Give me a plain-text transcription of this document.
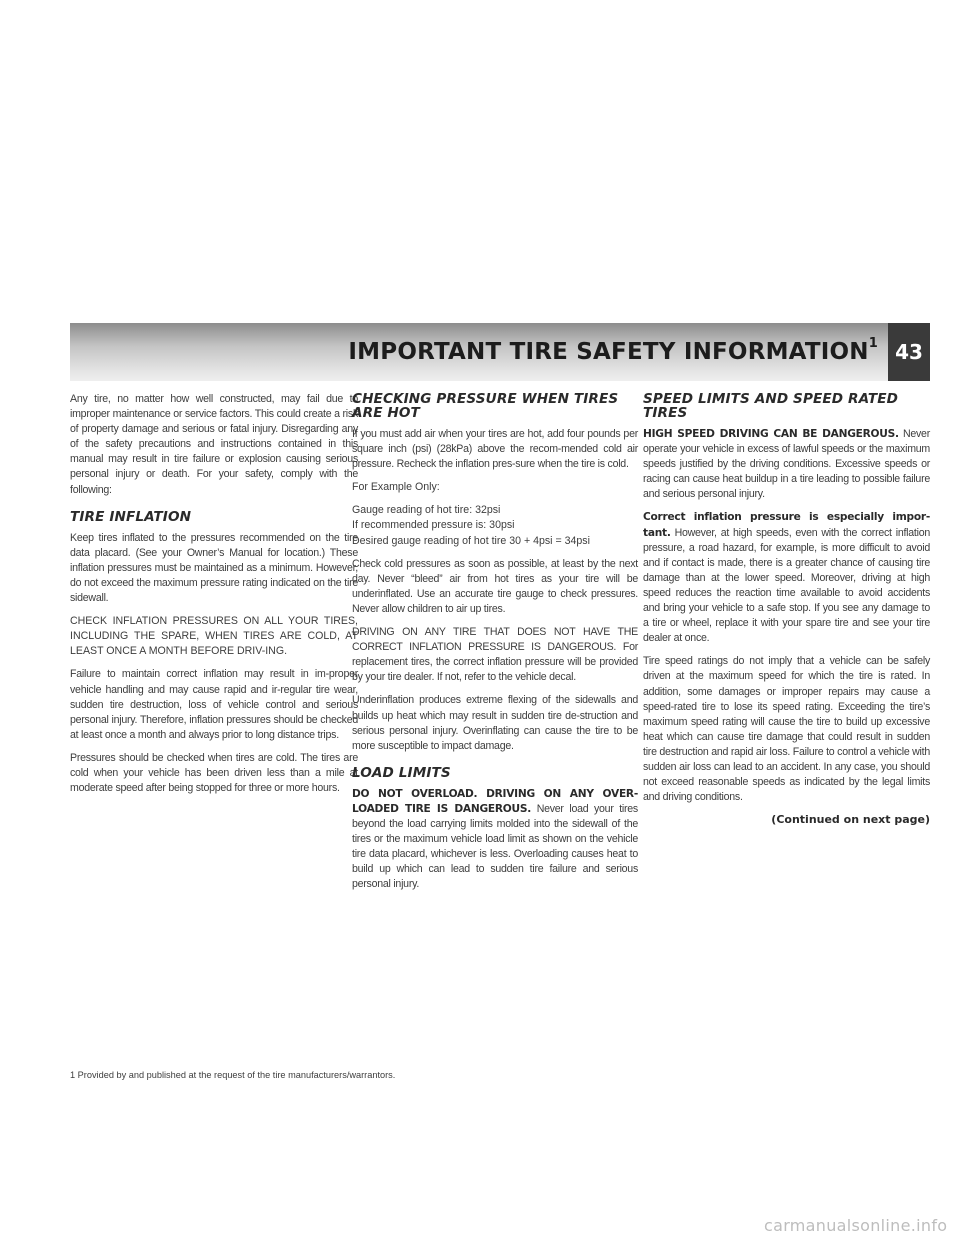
IMPORTANT TIRE SAFETY INFORMATION$^1$ 43

Any tire, no matter how well constructed, may fail due to improper maintenance or service factors. This could create a risk of property damage and serious or fatal injury. Disregarding any of the safety precautions and instructions contained in this manual may result in tire failure or explosion causing serious personal injury or death. For your safety, comply with the following:

TIRE INFLATION

Keep tires inflated to the pressures recommended on the tire data placard. (See your Owner’s Manual for location.) These inflation pressures must be maintained as a minimum. However, do not exceed the maximum pressure rating indicated on the tire sidewall.

CHECK INFLATION PRESSURES ON ALL YOUR TIRES, INCLUDING THE SPARE, WHEN TIRES ARE COLD, AT LEAST ONCE A MONTH BEFORE DRIV-ING.

Failure to maintain correct inflation may result in im-proper vehicle handling and may cause rapid and ir-regular tire wear, sudden tire destruction, loss of vehicle control and serious personal injury. Therefore, inflation pressures should be checked at least once a month and always prior to long distance trips.

Pressures should be checked when tires are cold. The tires are cold when your vehicle has been driven less than a mile at moderate speed after being stopped for three or more hours.

CHECKING PRESSURE WHEN TIRES ARE HOT

If you must add air when your tires are hot, add four pounds per square inch (psi) (28kPa) above the recom-mended cold air pressure. Recheck the inflation pres-sure when the tire is cold.

For Example Only:

Gauge reading of hot tire: 32psi
If recommended pressure is: 30psi
Desired gauge reading of hot tire 30 + 4psi = 34psi

Check cold pressures as soon as possible, at least by the next day. Never “bleed” air from hot tires as your tire will be underinflated. Use an accurate tire gauge to check pressures. Never allow children to air up tires.

DRIVING ON ANY TIRE THAT DOES NOT HAVE THE CORRECT INFLATION PRESSURE IS DANGEROUS. For replacement tires, the correct inflation pressure will be provided by your tire dealer. If not, refer to the vehicle decal.

Underinflation produces extreme flexing of the sidewalls and builds up heat which may result in sudden tire de-struction and serious personal injury. Overinflating can cause the tire to be more susceptible to impact damage.

LOAD LIMITS

DO NOT OVERLOAD. DRIVING ON ANY OVER-LOADED TIRE IS DANGEROUS. Never load your tires beyond the load carrying limits molded into the sidewall of the tires or the maximum vehicle load limit as shown on the vehicle tire data placard, whichever is less. Overloading causes heat to build up which can lead to sudden tire failure and serious personal injury.

SPEED LIMITS AND SPEED RATED TIRES

HIGH SPEED DRIVING CAN BE DANGEROUS. Never operate your vehicle in excess of lawful speeds or the maximum speeds justified by the driving conditions. Excessive speeds or racing can cause heat buildup in a tire leading to possible failure and serious personal injury.

Correct inflation pressure is especially impor-tant. However, at high speeds, even with the correct inflation pressure, a road hazard, for example, is more difficult to avoid and if contact is made, there is a greater chance of causing tire damage than at the lower speed. Moreover, driving at high speed reduces the reaction time available to avoid accidents and bring your vehicle to a safe stop. If you see any damage to a tire or wheel, replace it with your spare tire and see your tire dealer at once.

Tire speed ratings do not imply that a vehicle can be safely driven at the maximum speed for which the tire is rated. In addition, some damages or improper repairs may cause a speed-rated tire to lose its speed rating. Exceeding the tire’s maximum speed rating will cause the tire to build up excessive heat which can cause tire damage that could result in sudden tire destruction and rapid air loss. Failure to control a vehicle with sudden air loss can lead to an accident. In any case, you should not exceed reasonable speeds as indicated by the legal limits and driving conditions.

(Continued on next page)
1 Provided by and published at the request of the tire manufacturers/warrantors.
carmanualsonline.info
